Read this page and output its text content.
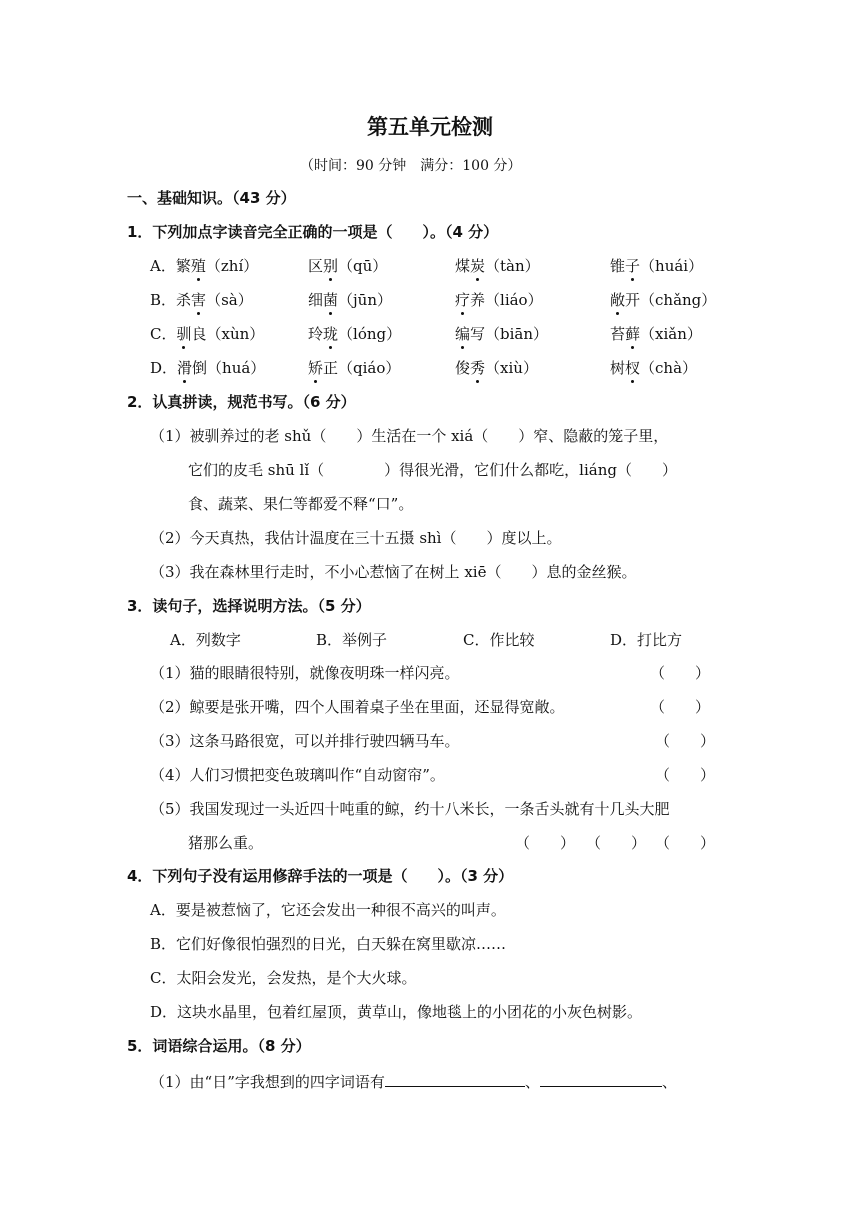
第五单元检测
（时间：90 分钟　满分：100 分）
一、基础知识。（43 分）
1．下列加点字读音完全正确的一项是（　　）。（4 分）
A．繁殖（zhí）	区别（qū）	煤炭（tàn）	锥子（huái）
B．杀害（sà）	细菌（jūn）	疗养（liáo）	敞开（chǎng）
C．驯良（xùn）	玲珑（lóng）	编写（biān）	苔藓（xiǎn）
D．滑倒（huá）	矫正（qiáo）	俊秀（xiù）	树杈（chà）
2．认真拼读，规范书写。（6 分）
（1）被驯养过的老 shǔ（　　）生活在一个 xiá（　　）窄、隐蔽的笼子里，
它们的皮毛 shū lǐ（　　　　）得很光滑，它们什么都吃，liáng（　　）
食、蔬菜、果仁等都爱不释“口”。
（2）今天真热，我估计温度在三十五摄 shì（　　）度以上。
（3）我在森林里行走时，不小心惹恼了在树上 xiē（　　）息的金丝猴。
3．读句子，选择说明方法。（5 分）
A．列数字	B．举例子	C．作比较	D．打比方
（1）猫的眼睛很特别，就像夜明珠一样闪亮。	（　　）
（2）鲸要是张开嘴，四个人围着桌子坐在里面，还显得宽敞。	（　　）
（3）这条马路很宽，可以并排行驶四辆马车。	（　　）
（4）人们习惯把变色玻璃叫作“自动窗帘”。	（　　）
（5）我国发现过一头近四十吨重的鲸，约十八米长，一条舌头就有十几头大肥
猪那么重。	（　　） （　　） （　　）
4．下列句子没有运用修辞手法的一项是（　　）。（3 分）
A．要是被惹恼了，它还会发出一种很不高兴的叫声。
B．它们好像很怕强烈的日光，白天躲在窝里歇凉……
C．太阳会发光，会发热，是个大火球。
D．这块水晶里，包着红屋顶，黄草山，像地毯上的小团花的小灰色树影。
5．词语综合运用。（8 分）
（1）由“日”字我想到的四字词语有	、	、
